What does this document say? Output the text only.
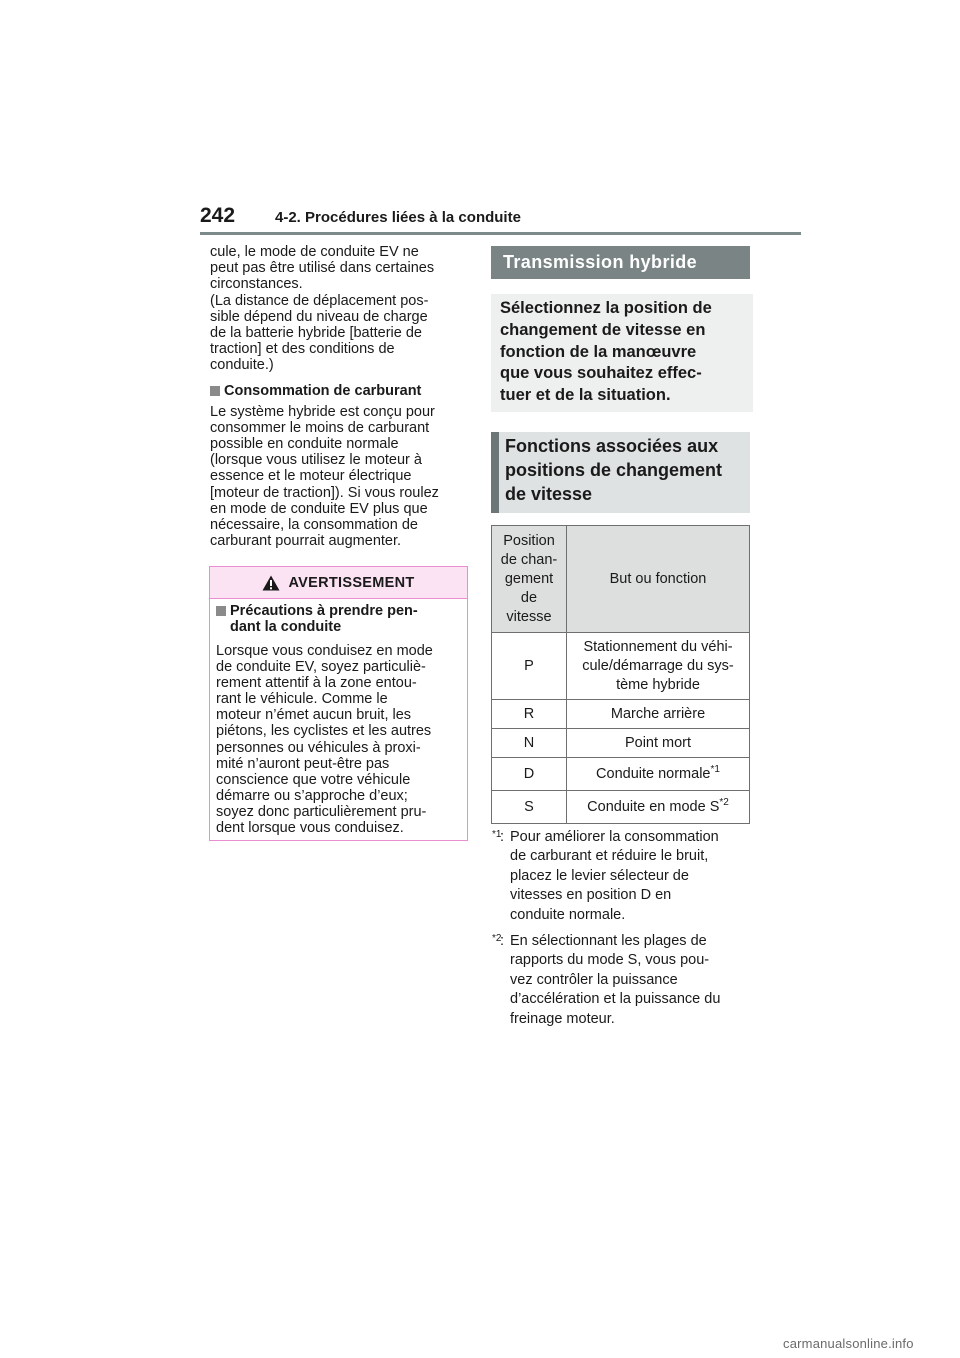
242	4-2. Procédures liées à la conduite

cule, le mode de conduite EV ne
peut pas être utilisé dans certaines
circonstances.
(La distance de déplacement pos-
sible dépend du niveau de charge
de la batterie hybride [batterie de
traction] et des conditions de
conduite.)

Consommation de carburant

Le système hybride est conçu pour
consommer le moins de carburant
possible en conduite normale
(lorsque vous utilisez le moteur à
essence et le moteur électrique
[moteur de traction]). Si vous roulez
en mode de conduite EV plus que
nécessaire, la consommation de
carburant pourrait augmenter.

AVERTISSEMENT
Précautions à prendre pen-
dant la conduite

Lorsque vous conduisez en mode
de conduite EV, soyez particuliè-
rement attentif à la zone entou-
rant le véhicule. Comme le
moteur n’émet aucun bruit, les
piétons, les cyclistes et les autres
personnes ou véhicules à proxi-
mité n’auront peut-être pas
conscience que votre véhicule
démarre ou s’approche d’eux;
soyez donc particulièrement pru-
dent lorsque vous conduisez.

Transmission hybride
Sélectionnez la position de
changement de vitesse en
fonction de la manœuvre
que vous souhaitez effec-
tuer et de la situation.
Fonctions associées aux
positions de changement
de vitesse
Position
de chan-
gement
de
vitesse	But ou fonction
P	Stationnement du véhi-
cule/démarrage du sys-
tème hybride
R	Marche arrière
N	Point mort
D	Conduite normale$^{*1}$
S	Conduite en mode $S^{*2}$
*1
: Pour améliorer la consommation
de carburant et réduire le bruit,
placez le levier sélecteur de
vitesses en position D en
conduite normale.
*2
: En sélectionnant les plages de
rapports du mode S, vous pou-
vez contrôler la puissance
d’accélération et la puissance du
freinage moteur.
carmanualsonline.info
